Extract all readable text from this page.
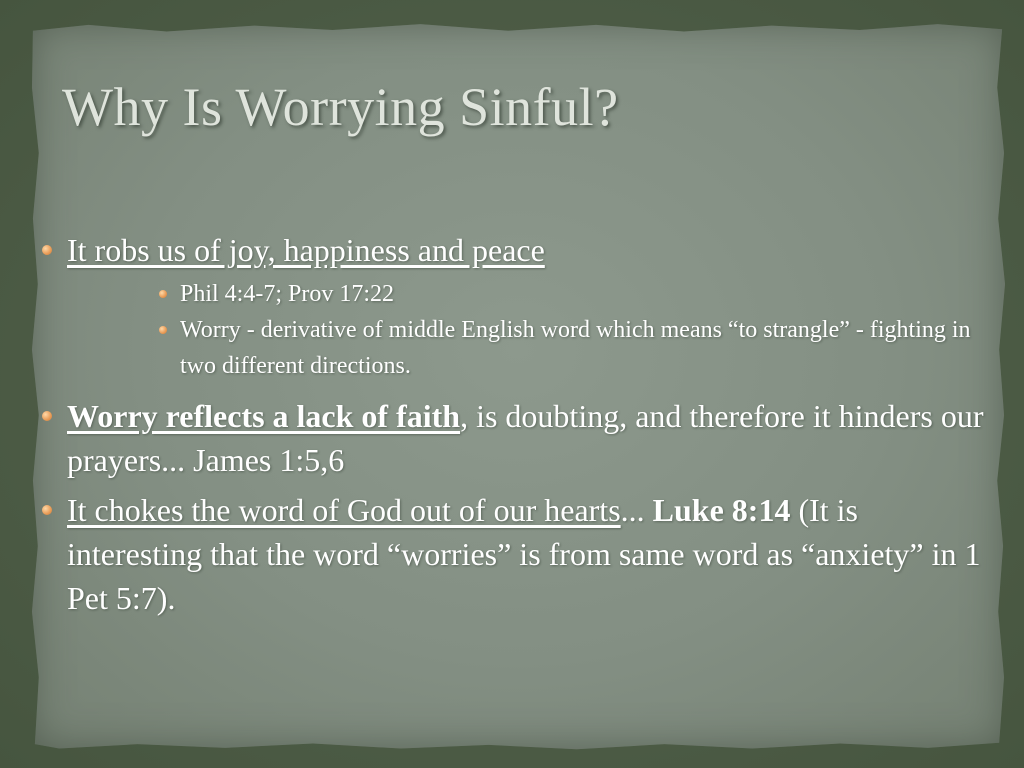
Why Is Worrying Sinful?
It robs us of joy, happiness and peace
Phil 4:4-7; Prov 17:22
Worry - derivative of middle English word which means “to strangle” - fighting in two different directions.
Worry reflects a lack of faith, is doubting, and therefore it hinders our prayers... James 1:5,6
It chokes the word of God out of our hearts... Luke 8:14 (It is interesting that the word “worries” is from same word as “anxiety” in 1 Pet 5:7).
